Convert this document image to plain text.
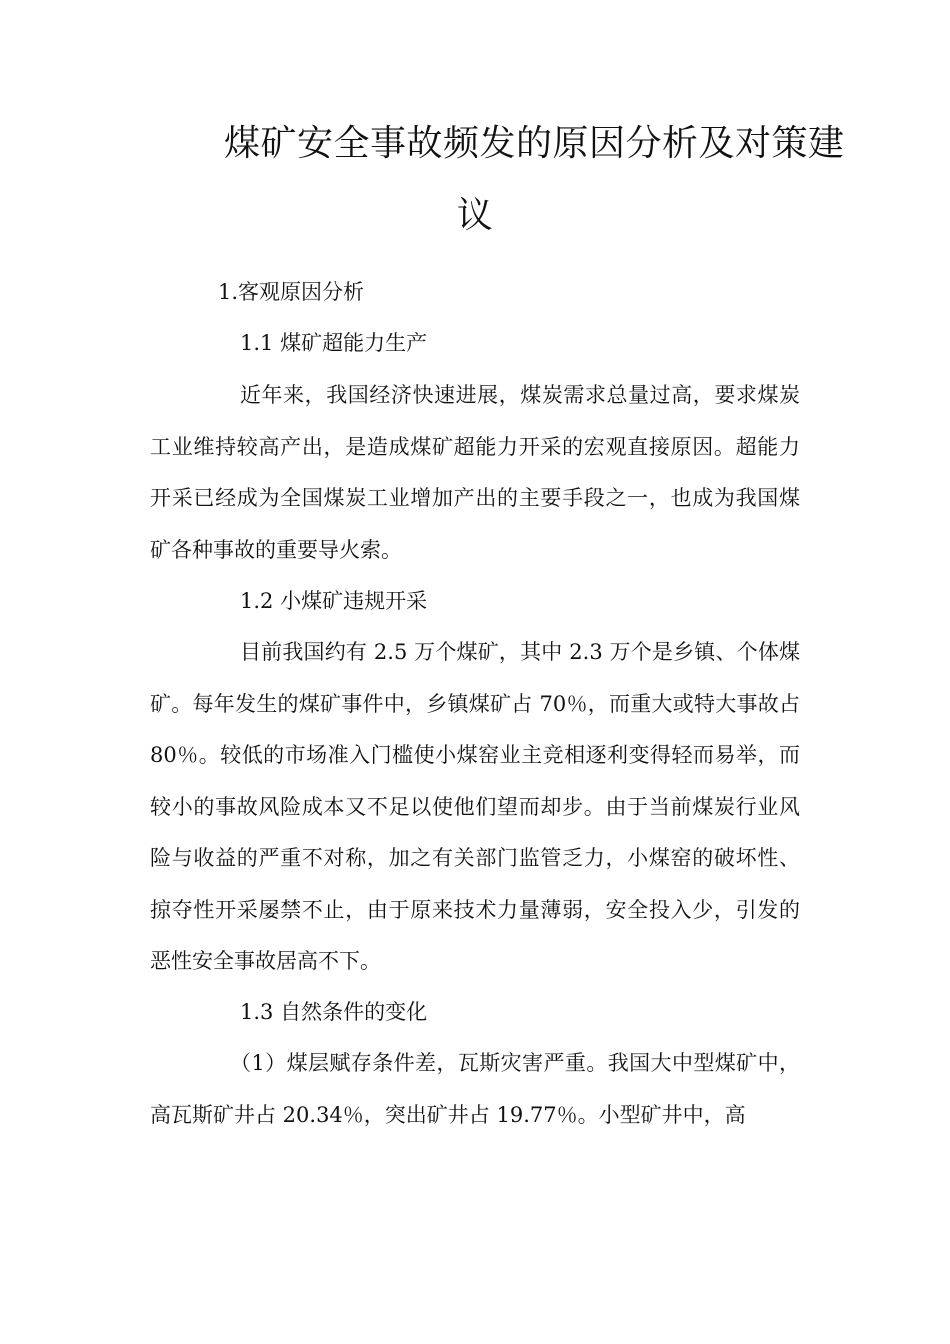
煤矿安全事故频发的原因分析及对策建
议
1.客观原因分析
1.1 煤矿超能力生产

近年来，我国经济快速进展，煤炭需求总量过高，要求煤炭工业维持较高产出，是造成煤矿超能力开采的宏观直接原因。超能力开采已经成为全国煤炭工业增加产出的主要手段之一，也成为我国煤矿各种事故的重要导火索。

1.2 小煤矿违规开采

目前我国约有 2.5 万个煤矿，其中 2.3 万个是乡镇、个体煤矿。每年发生的煤矿事件中，乡镇煤矿占 70％，而重大或特大事故占 80％。较低的市场准入门槛使小煤窑业主竞相逐利变得轻而易举，而较小的事故风险成本又不足以使他们望而却步。由于当前煤炭行业风险与收益的严重不对称，加之有关部门监管乏力，小煤窑的破坏性、掠夺性开采屡禁不止，由于原来技术力量薄弱，安全投入少，引发的恶性安全事故居高不下。

1.3 自然条件的变化

（1）煤层赋存条件差，瓦斯灾害严重。我国大中型煤矿中，高瓦斯矿井占 20.34％，突出矿井占 19.77％。小型矿井中，高
